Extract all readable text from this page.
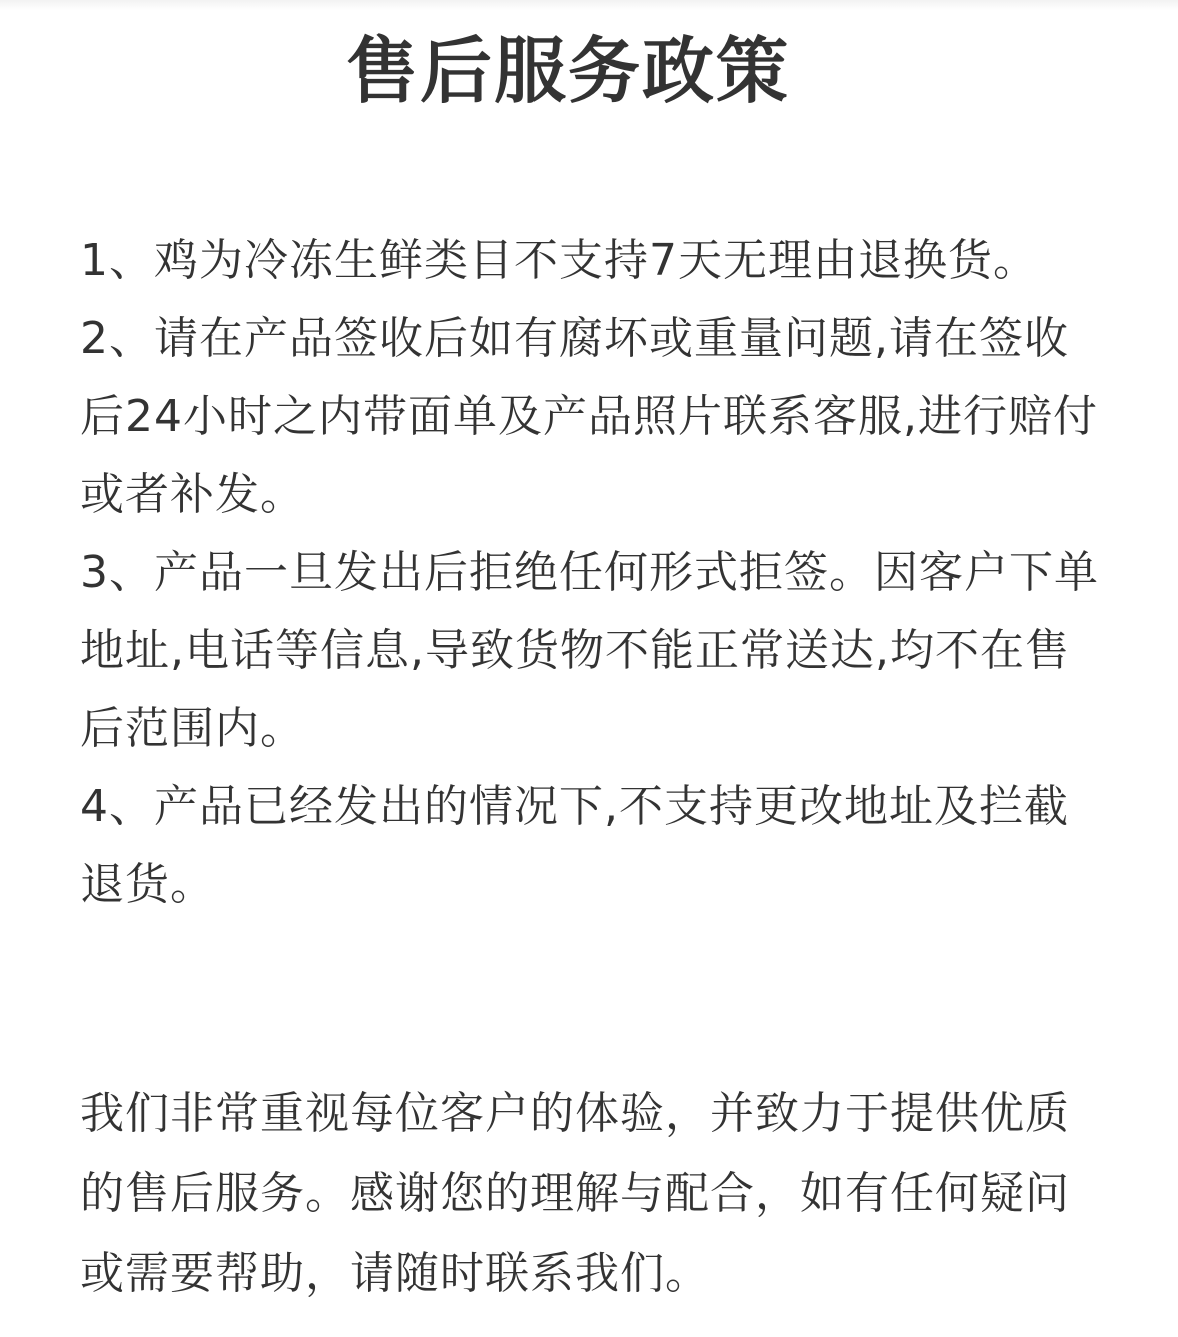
售后服务政策

1、鸡为冷冻生鲜类目不支持7天无理由退换货。

2、请在产品签收后如有腐坏或重量问题,请在签收后24小时之内带面单及产品照片联系客服,进行赔付或者补发。

3、产品一旦发出后拒绝任何形式拒签。因客户下单地址,电话等信息,导致货物不能正常送达,均不在售后范围内。

4、产品已经发出的情况下,不支持更改地址及拦截退货。

我们非常重视每位客户的体验，并致力于提供优质的售后服务。感谢您的理解与配合，如有任何疑问或需要帮助，请随时联系我们。
